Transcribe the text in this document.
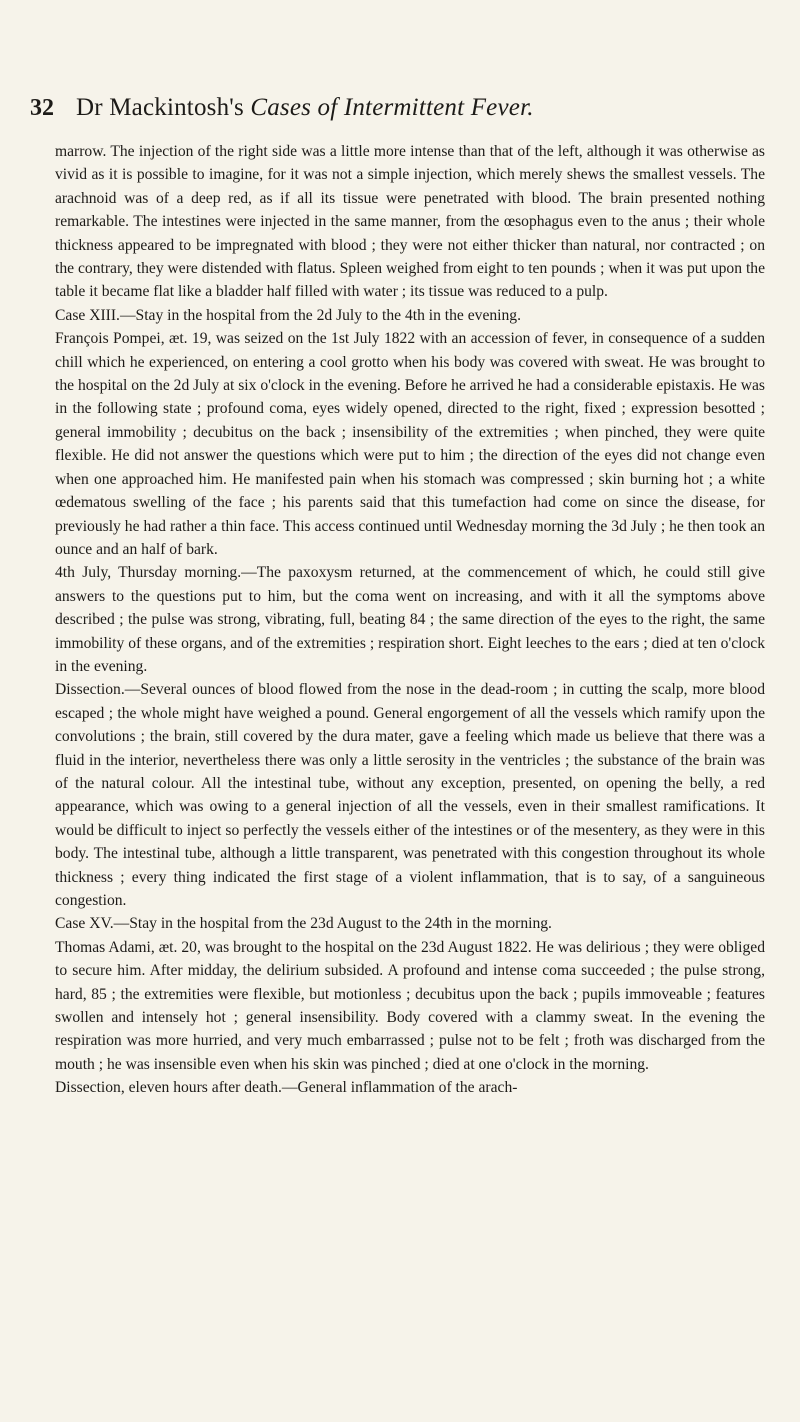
32 Dr Mackintosh's Cases of Intermittent Fever.

marrow. The injection of the right side was a little more intense than that of the left, although it was otherwise as vivid as it is possible to imagine, for it was not a simple injection, which merely shews the smallest vessels. The arachnoid was of a deep red, as if all its tissue were penetrated with blood. The brain presented nothing remarkable. The intestines were injected in the same manner, from the œsophagus even to the anus ; their whole thickness appeared to be impregnated with blood ; they were not either thicker than natural, nor contracted ; on the contrary, they were distended with flatus. Spleen weighed from eight to ten pounds ; when it was put upon the table it became flat like a bladder half filled with water ; its tissue was reduced to a pulp.

Case XIII.—Stay in the hospital from the 2d July to the 4th in the evening.

François Pompei, æt. 19, was seized on the 1st July 1822 with an accession of fever, in consequence of a sudden chill which he experienced, on entering a cool grotto when his body was covered with sweat. He was brought to the hospital on the 2d July at six o'clock in the evening. Before he arrived he had a considerable epistaxis. He was in the following state ; profound coma, eyes widely opened, directed to the right, fixed ; expression besotted ; general immobility ; decubitus on the back ; insensibility of the extremities ; when pinched, they were quite flexible. He did not answer the questions which were put to him ; the direction of the eyes did not change even when one approached him. He manifested pain when his stomach was compressed ; skin burning hot ; a white œdematous swelling of the face ; his parents said that this tumefaction had come on since the disease, for previously he had rather a thin face. This access continued until Wednesday morning the 3d July ; he then took an ounce and an half of bark.

4th July, Thursday morning.—The paxoxysm returned, at the commencement of which, he could still give answers to the questions put to him, but the coma went on increasing, and with it all the symptoms above described ; the pulse was strong, vibrating, full, beating 84 ; the same direction of the eyes to the right, the same immobility of these organs, and of the extremities ; respiration short. Eight leeches to the ears ; died at ten o'clock in the evening.

Dissection.—Several ounces of blood flowed from the nose in the dead-room ; in cutting the scalp, more blood escaped ; the whole might have weighed a pound. General engorgement of all the vessels which ramify upon the convolutions ; the brain, still covered by the dura mater, gave a feeling which made us believe that there was a fluid in the interior, nevertheless there was only a little serosity in the ventricles ; the substance of the brain was of the natural colour. All the intestinal tube, without any exception, presented, on opening the belly, a red appearance, which was owing to a general injection of all the vessels, even in their smallest ramifications. It would be difficult to inject so perfectly the vessels either of the intestines or of the mesentery, as they were in this body. The intestinal tube, although a little transparent, was penetrated with this congestion throughout its whole thickness ; every thing indicated the first stage of a violent inflammation, that is to say, of a sanguineous congestion.

Case XV.—Stay in the hospital from the 23d August to the 24th in the morning.

Thomas Adami, æt. 20, was brought to the hospital on the 23d August 1822. He was delirious ; they were obliged to secure him. After midday, the delirium subsided. A profound and intense coma succeeded ; the pulse strong, hard, 85 ; the extremities were flexible, but motionless ; decubitus upon the back ; pupils immoveable ; features swollen and intensely hot ; general insensibility. Body covered with a clammy sweat. In the evening the respiration was more hurried, and very much embarrassed ; pulse not to be felt ; froth was discharged from the mouth ; he was insensible even when his skin was pinched ; died at one o'clock in the morning.

Dissection, eleven hours after death.—General inflammation of the arach-
